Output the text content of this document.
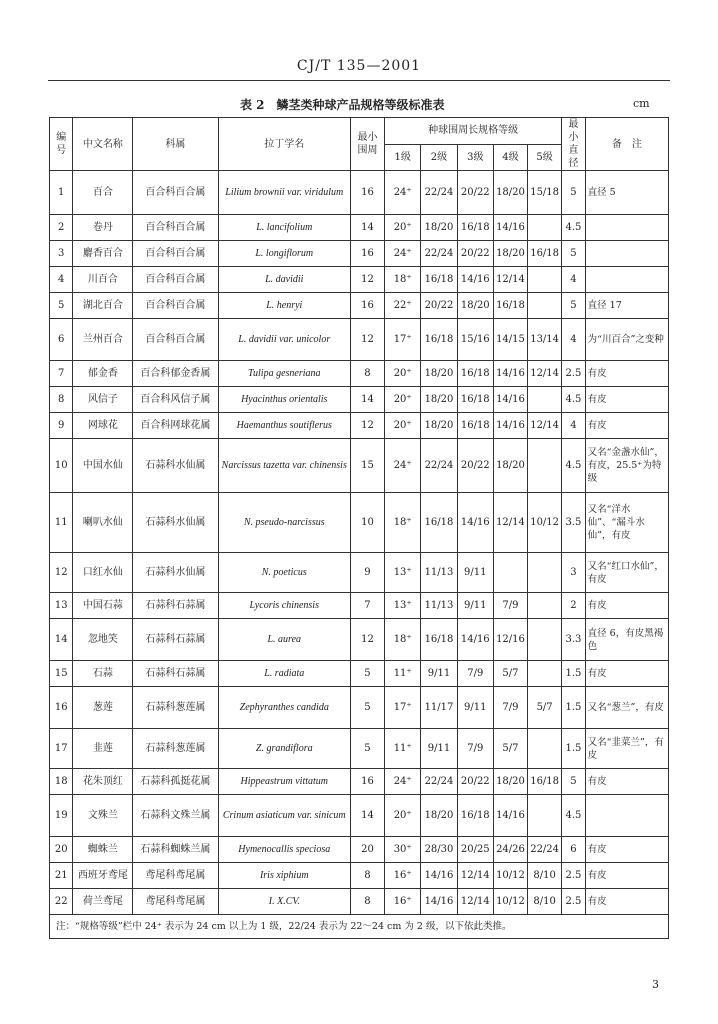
CJ/T 135—2001
表 2　鳞茎类种球产品规格等级标准表	cm
编号	中文名称	科属	拉丁学名	最小围周	种球围周长规格等级					最小直径	备　注
					1级	2级	3级	4级	5级		
1	百合	百合科百合属	Lilium brownii var. viridulum	16	24⁺	22/24	20/22	18/20	15/18	5	直径 5
2	卷丹	百合科百合属	L. lancifolium	14	20⁺	18/20	16/18	14/16		4.5	
3	麝香百合	百合科百合属	L. longiflorum	16	24⁺	22/24	20/22	18/20	16/18	5	
4	川百合	百合科百合属	L. davidii	12	18⁺	16/18	14/16	12/14		4	
5	湖北百合	百合科百合属	L. henryi	16	22⁺	20/22	18/20	16/18		5	直径 17
6	兰州百合	百合科百合属	L. davidii var. unicolor	12	17⁺	16/18	15/16	14/15	13/14	4	为“川百合”之变种
7	郁金香	百合科郁金香属	Tulipa gesneriana	8	20⁺	18/20	16/18	14/16	12/14	2.5	有皮
8	风信子	百合科风信子属	Hyacinthus orientalis	14	20⁺	18/20	16/18	14/16		4.5	有皮
9	网球花	百合科网球花属	Haemanthus soutiflerus	12	20⁺	18/20	16/18	14/16	12/14	4	有皮
10	中国水仙	石蒜科水仙属	Narcissus tazetta var. chinensis	15	24⁺	22/24	20/22	18/20		4.5	又名“金盏水仙”，有皮，25.5⁺为特级
11	喇叭水仙	石蒜科水仙属	N. pseudo-narcissus	10	18⁺	16/18	14/16	12/14	10/12	3.5	又名“洋水仙”、“漏斗水仙”，有皮
12	口红水仙	石蒜科水仙属	N. poeticus	9	13⁺	11/13	9/11			3	又名“红口水仙”，有皮
13	中国石蒜	石蒜科石蒜属	Lycoris chinensis	7	13⁺	11/13	9/11	7/9		2	有皮
14	忽地笑	石蒜科石蒜属	L. aurea	12	18⁺	16/18	14/16	12/16		3.3	直径 6，有皮黑褐色
15	石蒜	石蒜科石蒜属	L. radiata	5	11⁺	9/11	7/9	5/7		1.5	有皮
16	葱莲	石蒜科葱莲属	Zephyranthes candida	5	17⁺	11/17	9/11	7/9	5/7	1.5	又名“葱兰”，有皮
17	韭莲	石蒜科葱莲属	Z. grandiflora	5	11⁺	9/11	7/9	5/7		1.5	又名“韭菜兰”，有皮
18	花朱顶红	石蒜科孤挺花属	Hippeastrum vittatum	16	24⁺	22/24	20/22	18/20	16/18	5	有皮
19	文殊兰	石蒜科文殊兰属	Crinum asiaticum var. sinicum	14	20⁺	18/20	16/18	14/16		4.5	
20	蜘蛛兰	石蒜科蜘蛛兰属	Hymenocallis speciosa	20	30⁺	28/30	20/25	24/26	22/24	6	有皮
21	西班牙鸢尾	鸢尾科鸢尾属	Iris xiphium	8	16⁺	14/16	12/14	10/12	8/10	2.5	有皮
22	荷兰鸢尾	鸢尾科鸢尾属	I. X.CV.	8	16⁺	14/16	12/14	10/12	8/10	2.5	有皮
注：“规格等级”栏中 24⁺ 表示为 24 cm 以上为 1 级，22/24 表示为 22～24 cm 为 2 级，以下依此类推。											
3
